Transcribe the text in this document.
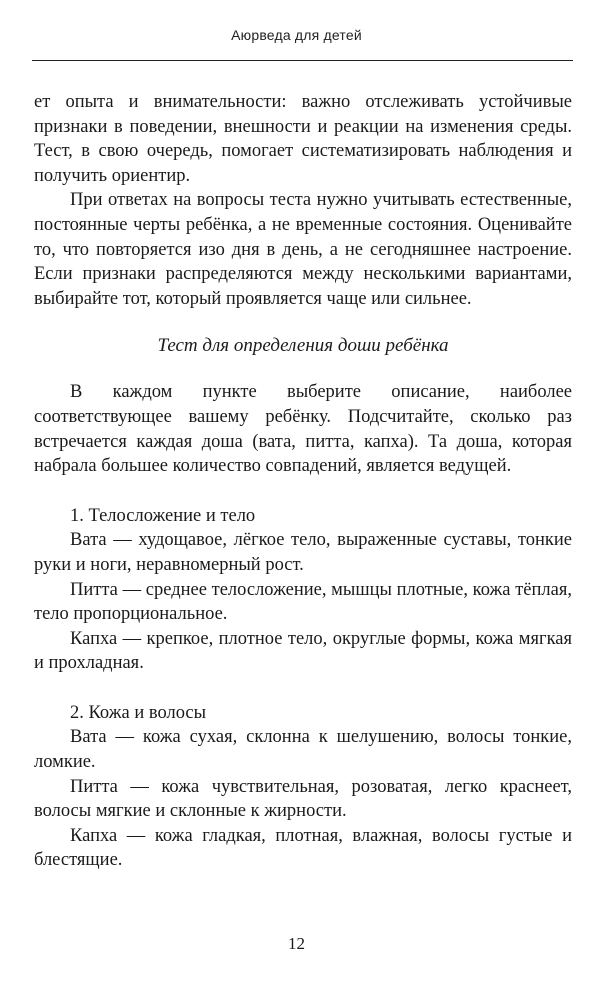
Аюрведа для детей

ет опыта и внимательности: важно отслеживать устойчивые признаки в поведении, внешности и реакции на изменения среды. Тест, в свою очередь, помогает систематизировать наблюдения и получить ориентир.

При ответах на вопросы теста нужно учитывать естественные, постоянные черты ребёнка, а не временные состояния. Оценивайте то, что повторяется изо дня в день, а не сегодняшнее настроение. Если признаки распределяются между несколькими вариантами, выбирайте тот, который проявляется чаще или сильнее.

Тест для определения доши ребёнка

В каждом пункте выберите описание, наиболее соответствующее вашему ребёнку. Подсчитайте, сколько раз встречается каждая доша (вата, питта, капха). Та доша, которая набрала большее количество совпадений, является ведущей.

1. Телосложение и тело

Вата — худощавое, лёгкое тело, выраженные суставы, тонкие руки и ноги, неравномерный рост.

Питта — среднее телосложение, мышцы плотные, кожа тёплая, тело пропорциональное.

Капха — крепкое, плотное тело, округлые формы, кожа мягкая и прохладная.

2. Кожа и волосы

Вата — кожа сухая, склонна к шелушению, волосы тонкие, ломкие.

Питта — кожа чувствительная, розоватая, легко краснеет, волосы мягкие и склонные к жирности.

Капха — кожа гладкая, плотная, влажная, волосы густые и блестящие.

12
